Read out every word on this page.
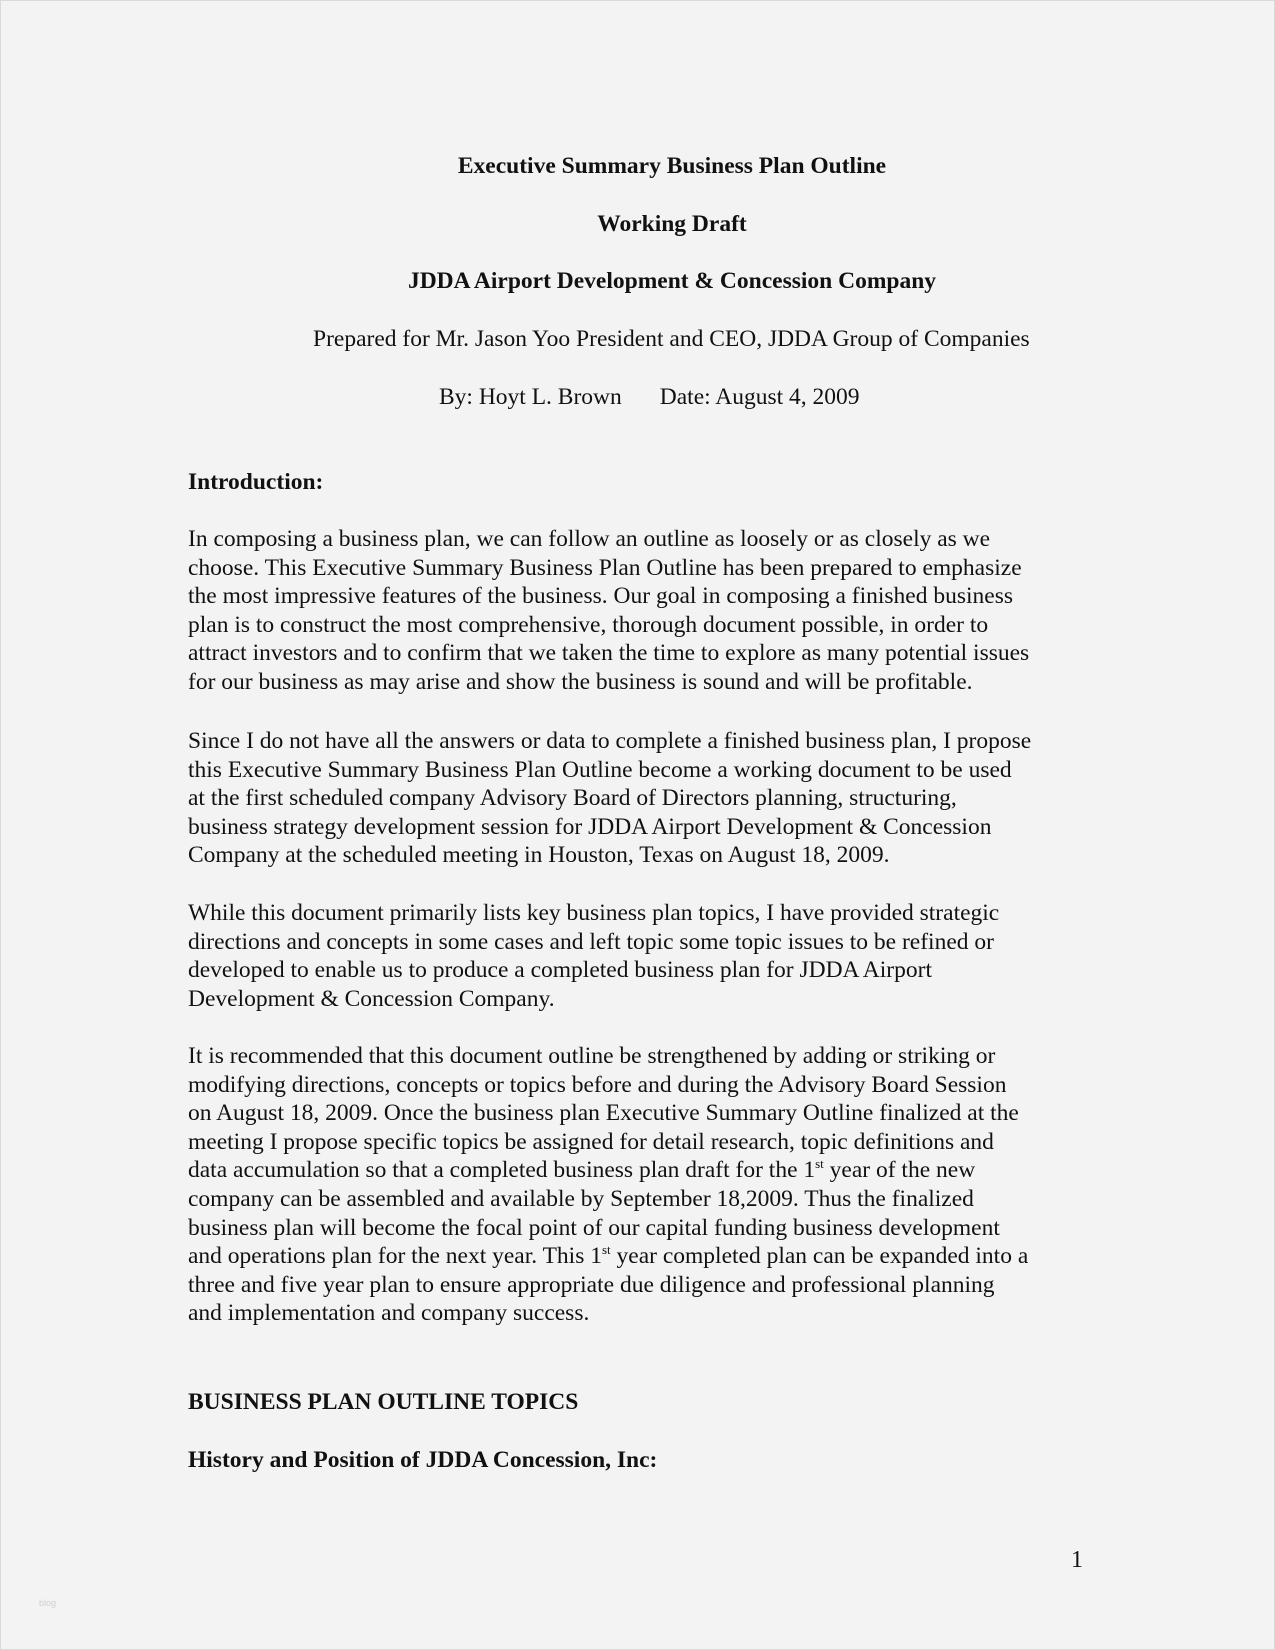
Executive Summary Business Plan Outline
Working Draft
JDDA Airport Development & Concession Company
Prepared for Mr. Jason Yoo President and CEO, JDDA Group of Companies
By: Hoyt L. Brown Date: August 4, 2009
Introduction:
In composing a business plan, we can follow an outline as loosely or as closely as we
choose. This Executive Summary Business Plan Outline has been prepared to emphasize
the most impressive features of the business. Our goal in composing a finished business
plan is to construct the most comprehensive, thorough document possible, in order to
attract investors and to confirm that we taken the time to explore as many potential issues
for our business as may arise and show the business is sound and will be profitable.
Since I do not have all the answers or data to complete a finished business plan, I propose
this Executive Summary Business Plan Outline become a working document to be used
at the first scheduled company Advisory Board of Directors planning, structuring,
business strategy development session for JDDA Airport Development & Concession
Company at the scheduled meeting in Houston, Texas on August 18, 2009.
While this document primarily lists key business plan topics, I have provided strategic
directions and concepts in some cases and left topic some topic issues to be refined or
developed to enable us to produce a completed business plan for JDDA Airport
Development & Concession Company.
It is recommended that this document outline be strengthened by adding or striking or
modifying directions, concepts or topics before and during the Advisory Board Session
on August 18, 2009. Once the business plan Executive Summary Outline finalized at the
meeting I propose specific topics be assigned for detail research, topic definitions and
data accumulation so that a completed business plan draft for the 1st year of the new
company can be assembled and available by September 18,2009. Thus the finalized
business plan will become the focal point of our capital funding business development
and operations plan for the next year. This 1st year completed plan can be expanded into a
three and five year plan to ensure appropriate due diligence and professional planning
and implementation and company success.
BUSINESS PLAN OUTLINE TOPICS
History and Position of JDDA Concession, Inc:
1
blog
